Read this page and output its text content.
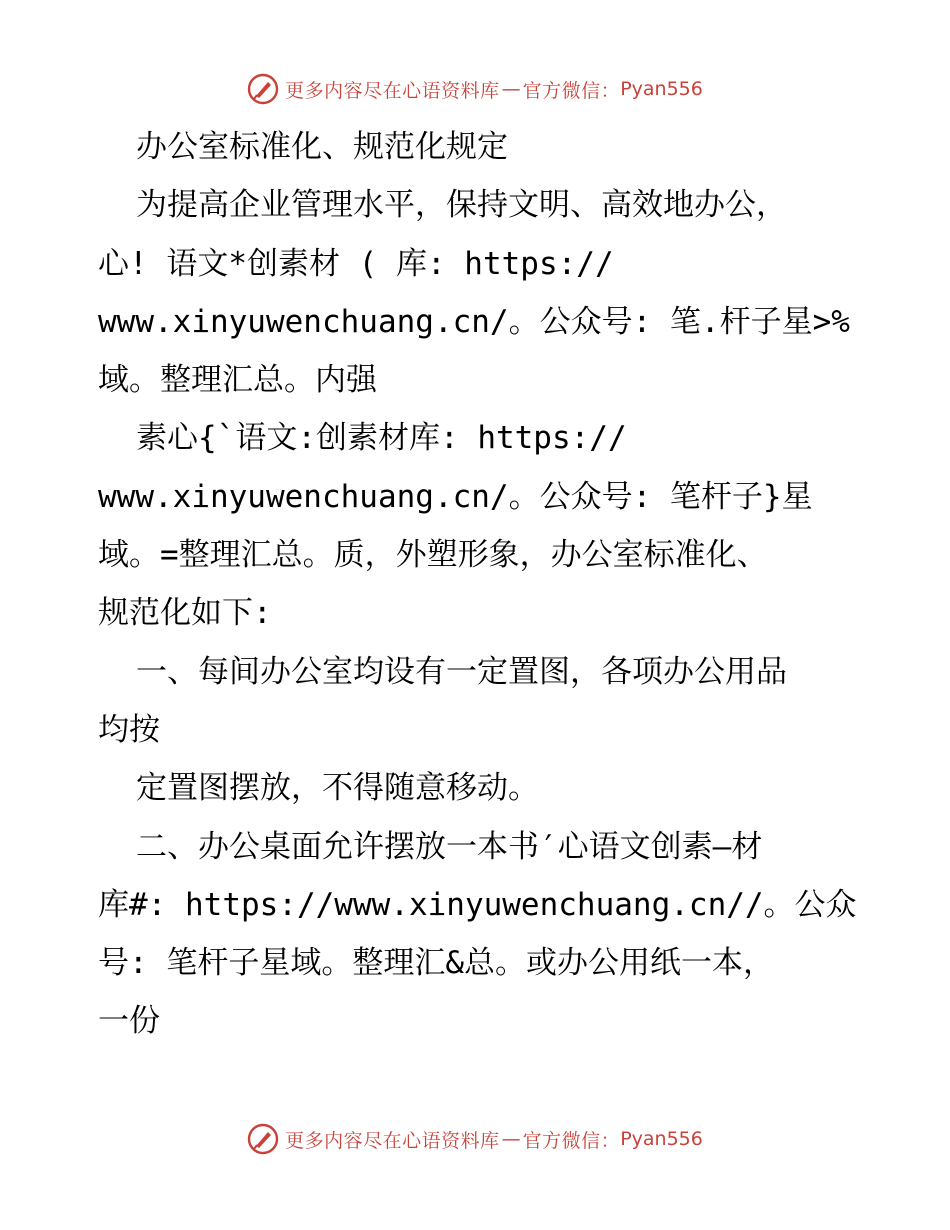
更多内容尽在心语资料库 — 官方微信： Pyan556
办公室标准化、规范化规定
为提高企业管理水平，保持文明、高效地办公，
心! 语文*创素材 ( 库: https://
www.xinyuwenchuang.cn/。公众号: 笔.杆子星>%
域。整理汇总。内强
素心{`语文:创素材库: https://
www.xinyuwenchuang.cn/。公众号: 笔杆子}星
域。=整理汇总。质，外塑形象，办公室标准化、
规范化如下:
一、每间办公室均设有一定置图，各项办公用品
均按
定置图摆放，不得随意移动。
二、办公桌面允许摆放一本书′心语文创素—材
库#: https://www.xinyuwenchuang.cn//。公众
号: 笔杆子星域。整理汇&总。或办公用纸一本，
一份
更多内容尽在心语资料库 — 官方微信： Pyan556
